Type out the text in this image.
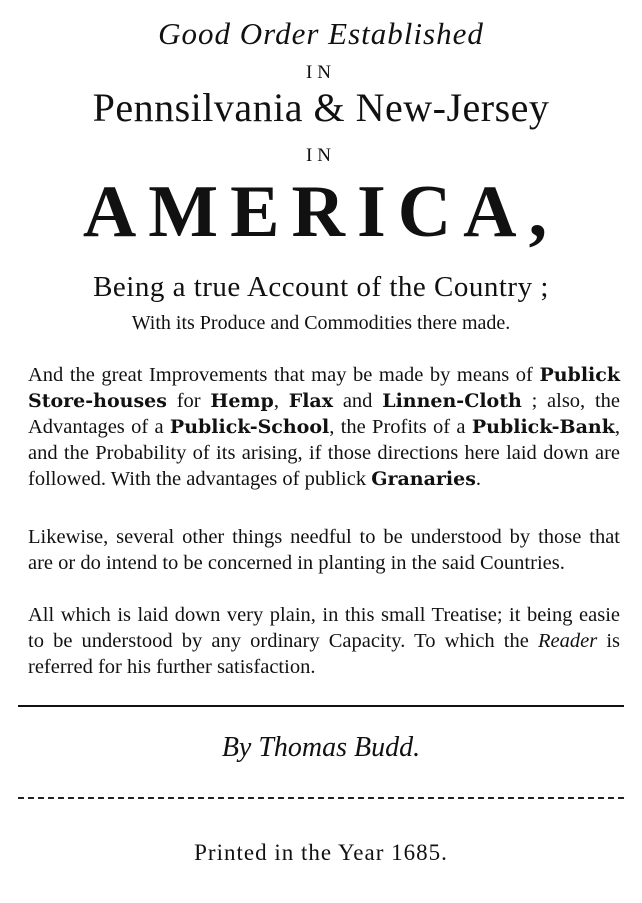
Good Order Established
IN
Pennsilvania & New-Jersey
IN
AMERICA,
Being a true Account of the Country ;
With its Produce and Commodities there made.
And the great Improvements that may be made by means of Publick Store-houses for Hemp, Flax and Linnen-Cloth ; also, the Advantages of a Publick-School, the Profits of a Publick-Bank, and the Probability of its arising, if those directions here laid down are followed. With the advantages of publick Granaries.
Likewise, several other things needful to be understood by those that are or do intend to be concerned in planting in the said Countries.
All which is laid down very plain, in this small Treatise; it being easie to be understood by any ordinary Capacity. To which the Reader is referred for his further satisfaction.
By Thomas Budd.
Printed in the Year 1685.
